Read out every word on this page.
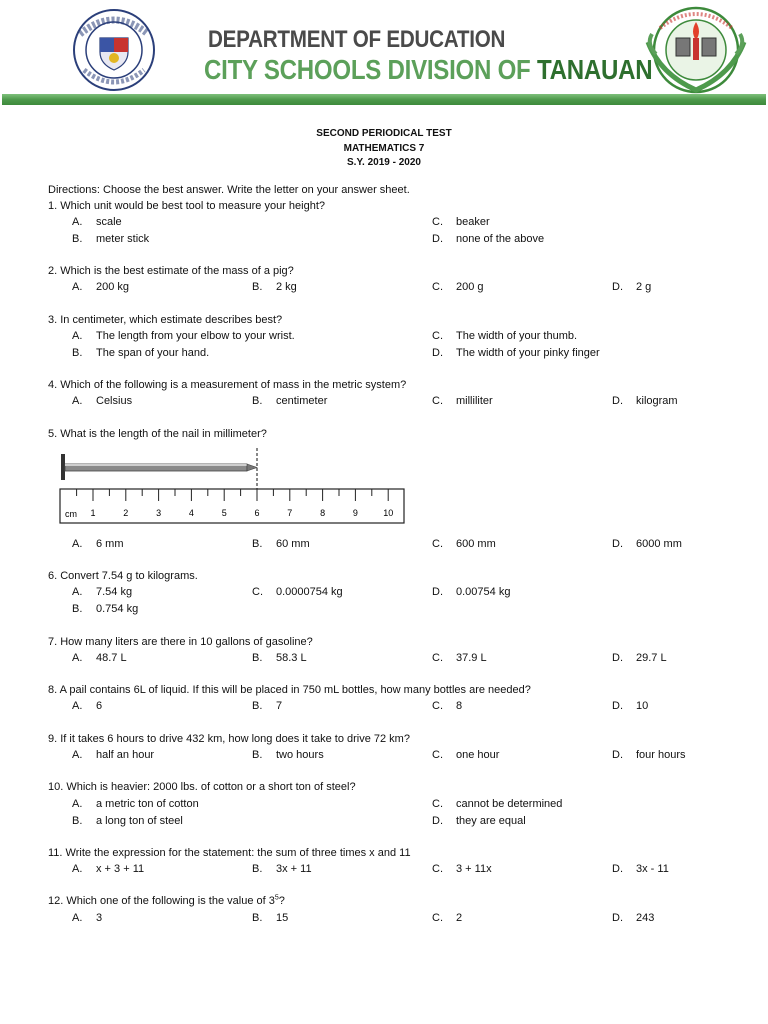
DEPARTMENT OF EDUCATION
CITY SCHOOLS DIVISION OF TANAUAN
SECOND PERIODICAL TEST
MATHEMATICS 7
S.Y. 2019 - 2020
Directions: Choose the best answer. Write the letter on your answer sheet.
1. Which unit would be best tool to measure your height?
A. scale	C. beaker
B. meter stick	D. none of the above
2. Which is the best estimate of the mass of a pig?
A. 200 kg	B. 2 kg	C. 200 g	D. 2 g
3. In centimeter, which estimate describes best?
A. The length from your elbow to your wrist.	C. The width of your thumb.
B. The span of your hand.	D. The width of your pinky finger
4. Which of the following is a measurement of mass in the metric system?
A. Celsius	B. centimeter	C. milliliter	D. kilogram
5. What is the length of the nail in millimeter?
cm 1	2	3	4	5	6	7	8	9	10
A. 6 mm	B. 60 mm	C. 600 mm	D. 6000 mm
6. Convert 7.54 g to kilograms.
A. 7.54 kg	C. 0.0000754 kg	D. 0.00754 kg
B. 0.754 kg
7. How many liters are there in 10 gallons of gasoline?
A. 48.7 L	B. 58.3 L	C. 37.9 L	D. 29.7 L
8. A pail contains 6L of liquid. If this will be placed in 750 mL bottles, how many bottles are needed?
A. 6	B. 7	C. 8	D. 10
9. If it takes 6 hours to drive 432 km, how long does it take to drive 72 km?
A. half an hour	B. two hours	C. one hour	D. four hours
10. Which is heavier: 2000 lbs. of cotton or a short ton of steel?
A. a metric ton of cotton	C. cannot be determined
B. a long ton of steel	D. they are equal
11. Write the expression for the statement: the sum of three times x and 11
A. x + 3 + 11	B. 3x + 11	C. 3 + 11x	D. 3x - 11
12. Which one of the following is the value of $3^5$?
A. 3	B. 15	C. 2	D. 243
